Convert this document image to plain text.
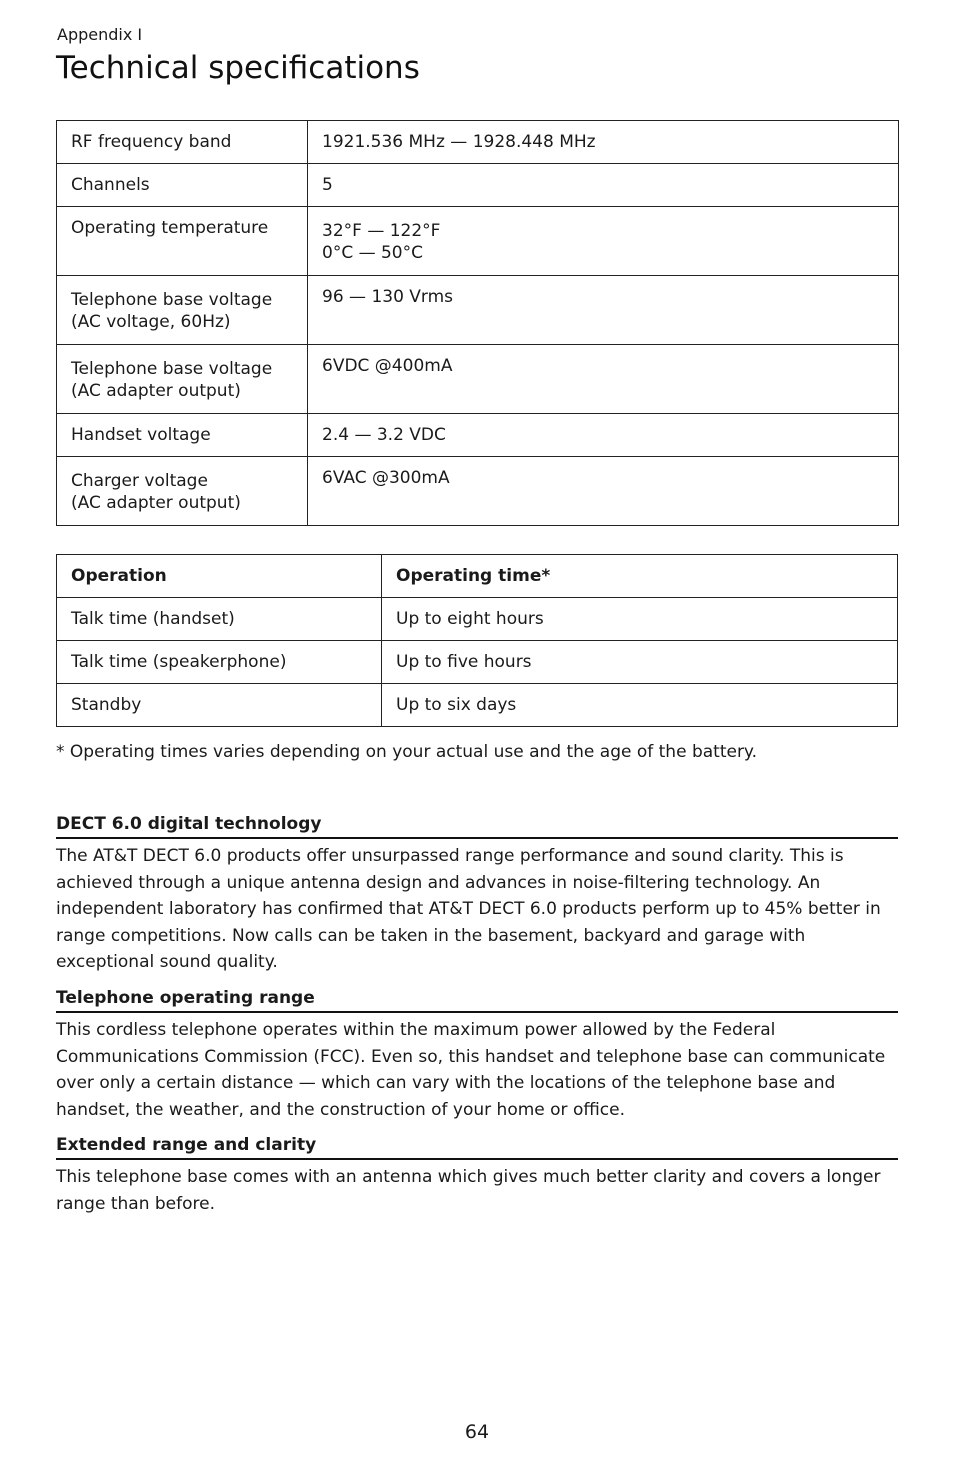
Appendix I
Technical specifications
RF frequency band	1921.536 MHz — 1928.448 MHz
Channels	5
Operating temperature	32°F — 122°F
0°C — 50°C

Telephone base voltage
(AC voltage, 60Hz)	96 — 130 Vrms

Telephone base voltage
(AC adapter output)	6VDC @400mA
Handset voltage	2.4 — 3.2 VDC

Charger voltage
(AC adapter output)	6VAC @300mA
Operation	Operating time*
Talk time (handset)	Up to eight hours
Talk time (speakerphone)	Up to five hours
Standby	Up to six days
* Operating times varies depending on your actual use and the age of the battery.
DECT 6.0 digital technology

The AT&T DECT 6.0 products offer unsurpassed range performance and sound clarity. This is
achieved through a unique antenna design and advances in noise-filtering technology. An
independent laboratory has confirmed that AT&T DECT 6.0 products perform up to 45% better in
range competitions. Now calls can be taken in the basement, backyard and garage with
exceptional sound quality.

Telephone operating range

This cordless telephone operates within the maximum power allowed by the Federal
Communications Commission (FCC). Even so, this handset and telephone base can communicate
over only a certain distance — which can vary with the locations of the telephone base and
handset, the weather, and the construction of your home or office.

Extended range and clarity

This telephone base comes with an antenna which gives much better clarity and covers a longer
range than before.

64
